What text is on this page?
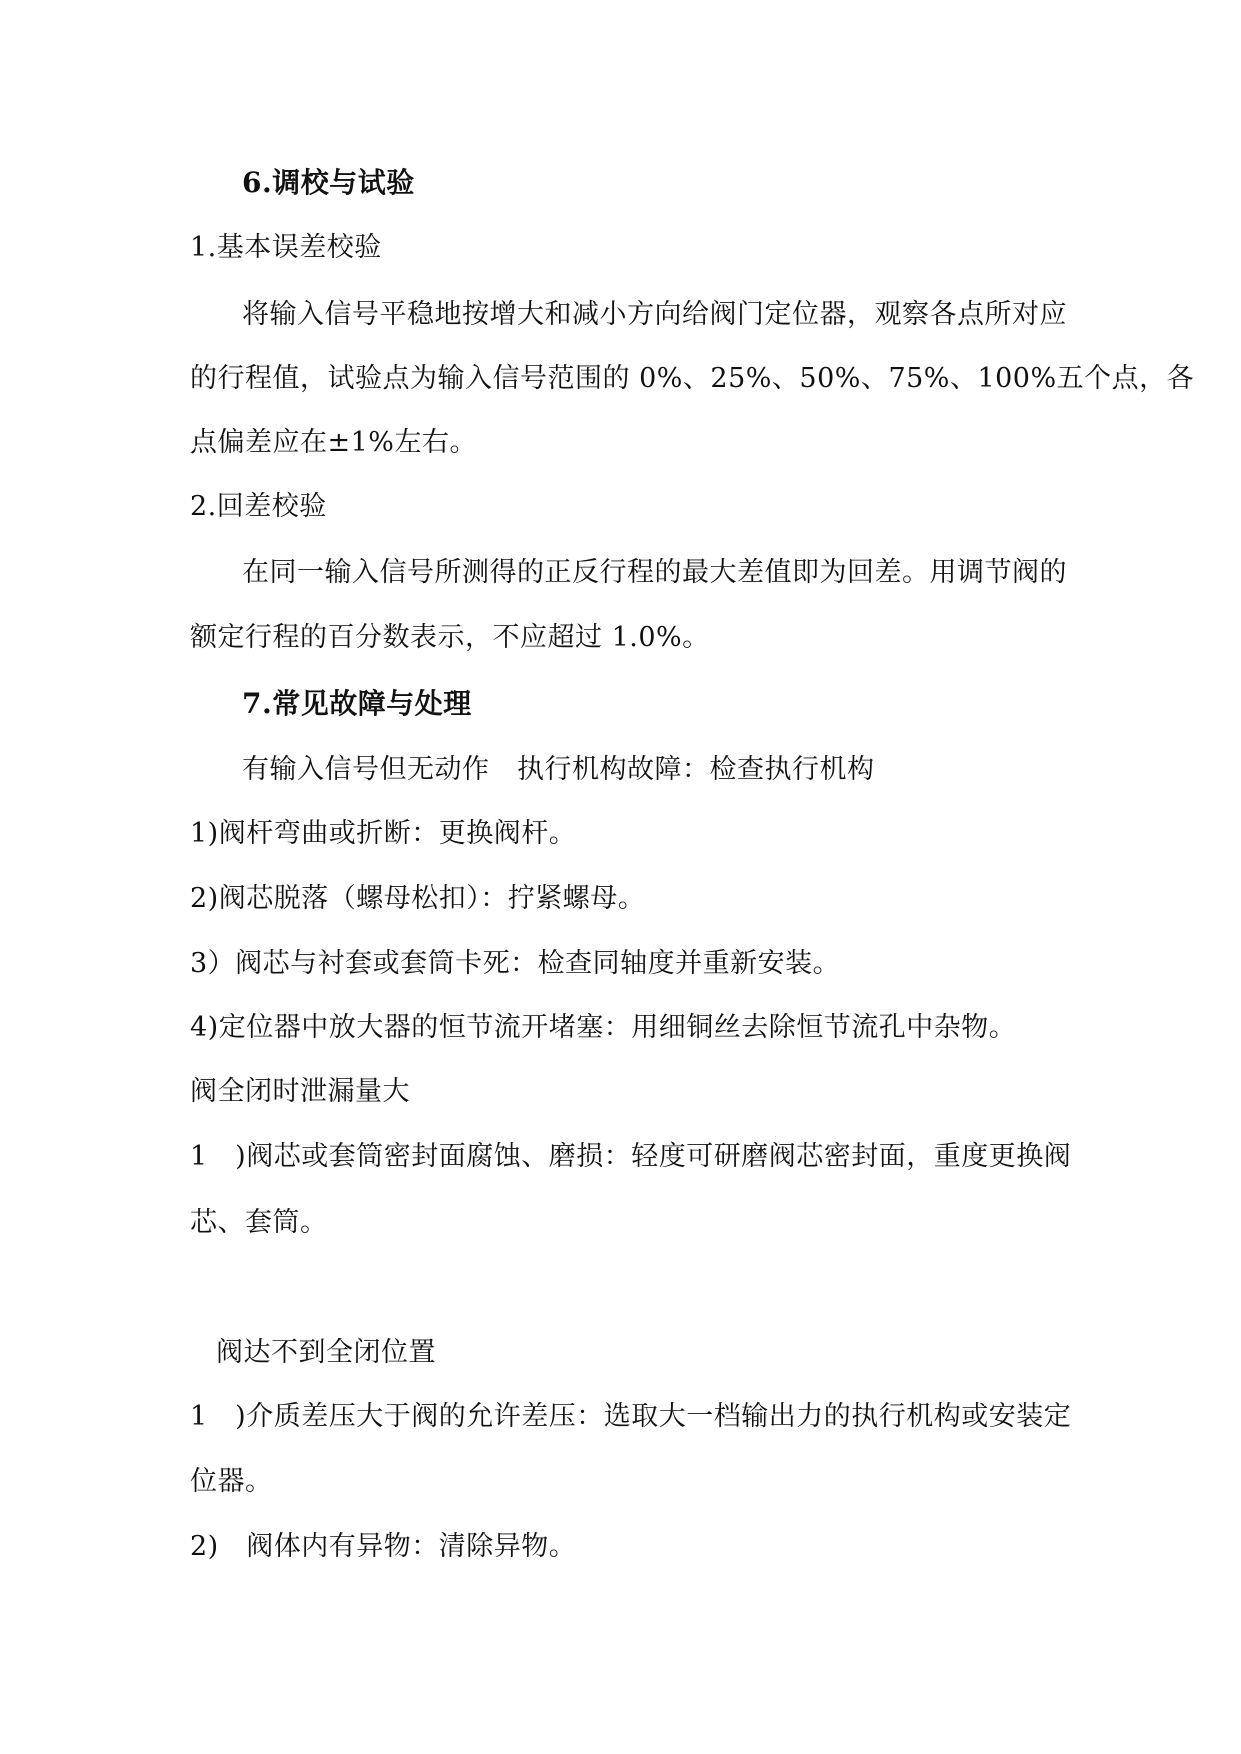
6.调校与试验
1.基本误差校验
将输入信号平稳地按增大和减小方向给阀门定位器，观察各点所对应
的行程值，试验点为输入信号范围的 0%、25%、50%、75%、100%五个点，各
点偏差应在±1%左右。
2.回差校验
在同一输入信号所测得的正反行程的最大差值即为回差。用调节阀的
额定行程的百分数表示，不应超过 1.0%。
7.常见故障与处理
有输入信号但无动作　执行机构故障：检查执行机构
1)阀杆弯曲或折断：更换阀杆。
2)阀芯脱落（螺母松扣）：拧紧螺母。
3）阀芯与衬套或套筒卡死：检查同轴度并重新安装。
4)定位器中放大器的恒节流开堵塞：用细铜丝去除恒节流孔中杂物。
阀全闭时泄漏量大
1　)阀芯或套筒密封面腐蚀、磨损：轻度可研磨阀芯密封面，重度更换阀
芯、套筒。
阀达不到全闭位置
1　)介质差压大于阀的允许差压：选取大一档输出力的执行机构或安装定
位器。
2)　阀体内有异物：清除异物。
